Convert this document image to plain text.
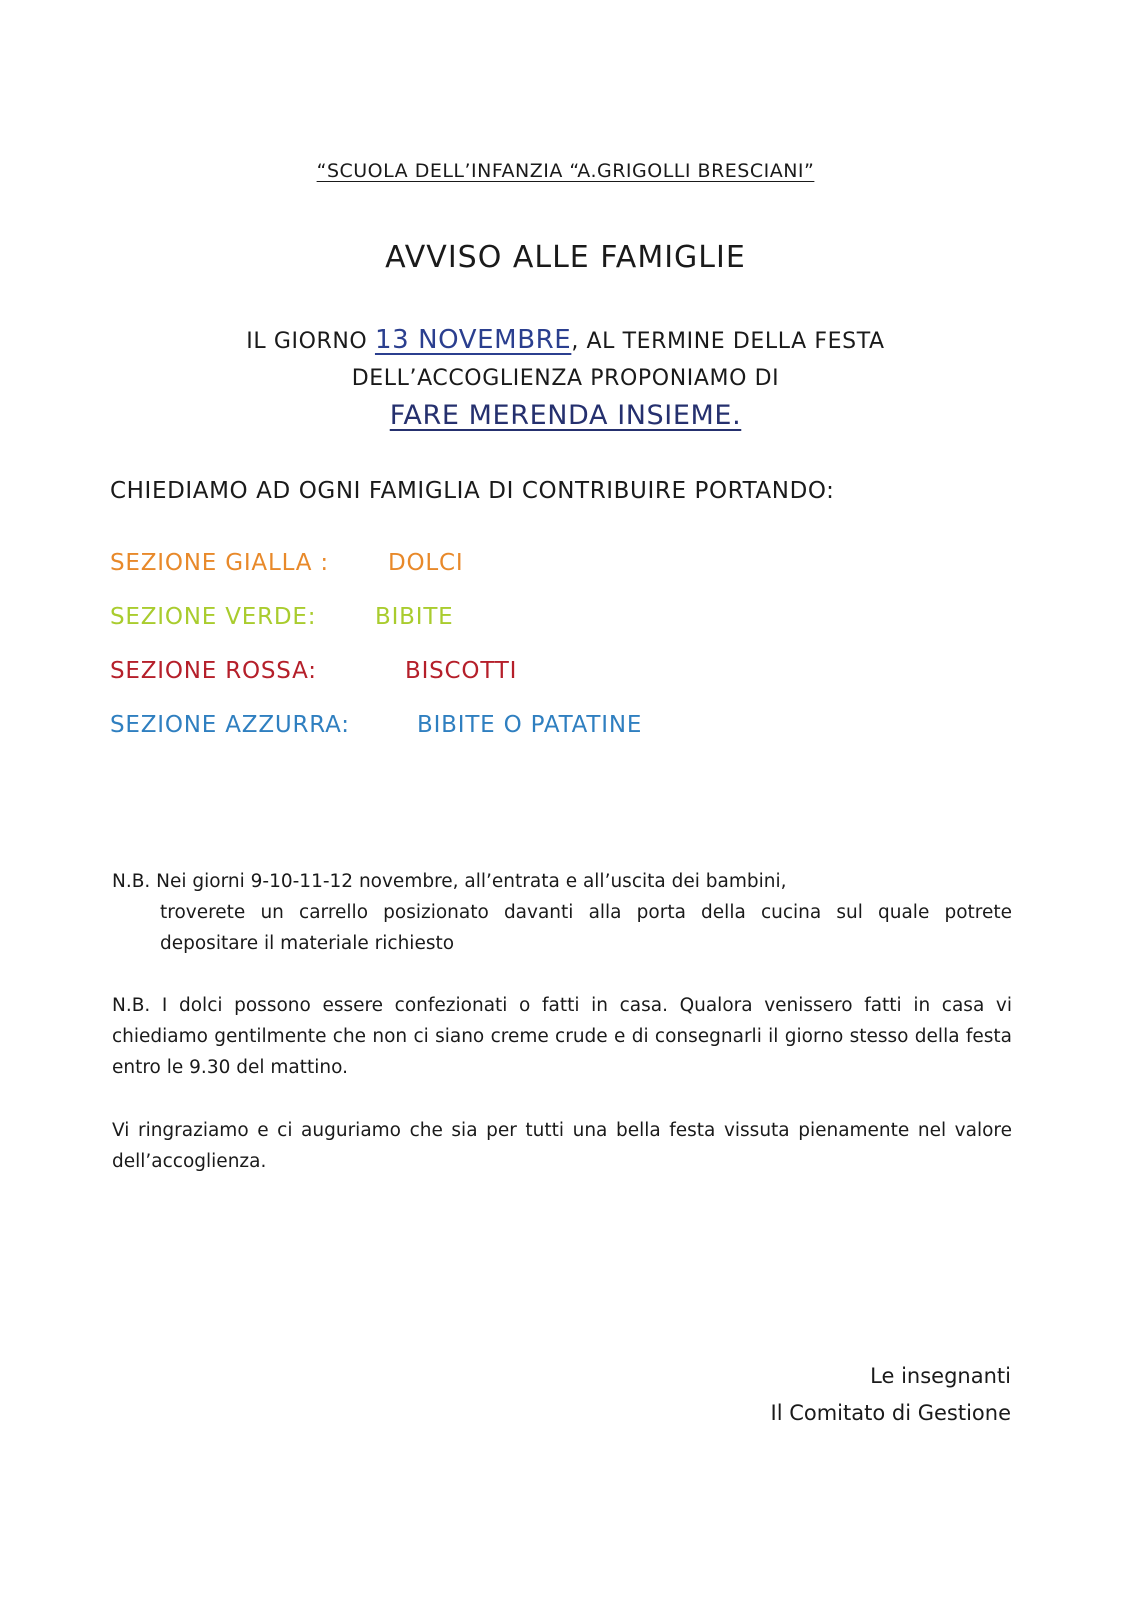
“SCUOLA DELL’INFANZIA “A.GRIGOLLI BRESCIANI”
AVVISO ALLE FAMIGLIE
IL GIORNO 13 NOVEMBRE, AL TERMINE DELLA FESTA
DELL’ACCOGLIENZA PROPONIAMO DI
FARE MERENDA INSIEME.
CHIEDIAMO AD OGNI FAMIGLIA DI CONTRIBUIRE PORTANDO:
SEZIONE GIALLA :	DOLCI
SEZIONE VERDE:	BIBITE
SEZIONE ROSSA:	BISCOTTI
SEZIONE AZZURRA:	BIBITE O PATATINE
N.B. Nei giorni 9-10-11-12 novembre, all’entrata e all’uscita dei bambini,
troverete un carrello posizionato davanti alla porta della cucina sul quale potrete depositare il materiale richiesto
N.B. I dolci possono essere confezionati o fatti in casa. Qualora venissero fatti in casa vi chiediamo gentilmente che non ci siano creme crude e di consegnarli il giorno stesso della festa entro le 9.30 del mattino.
Vi ringraziamo e ci auguriamo che sia per tutti una bella festa vissuta pienamente nel valore dell’accoglienza.
Le insegnanti
Il Comitato di Gestione
